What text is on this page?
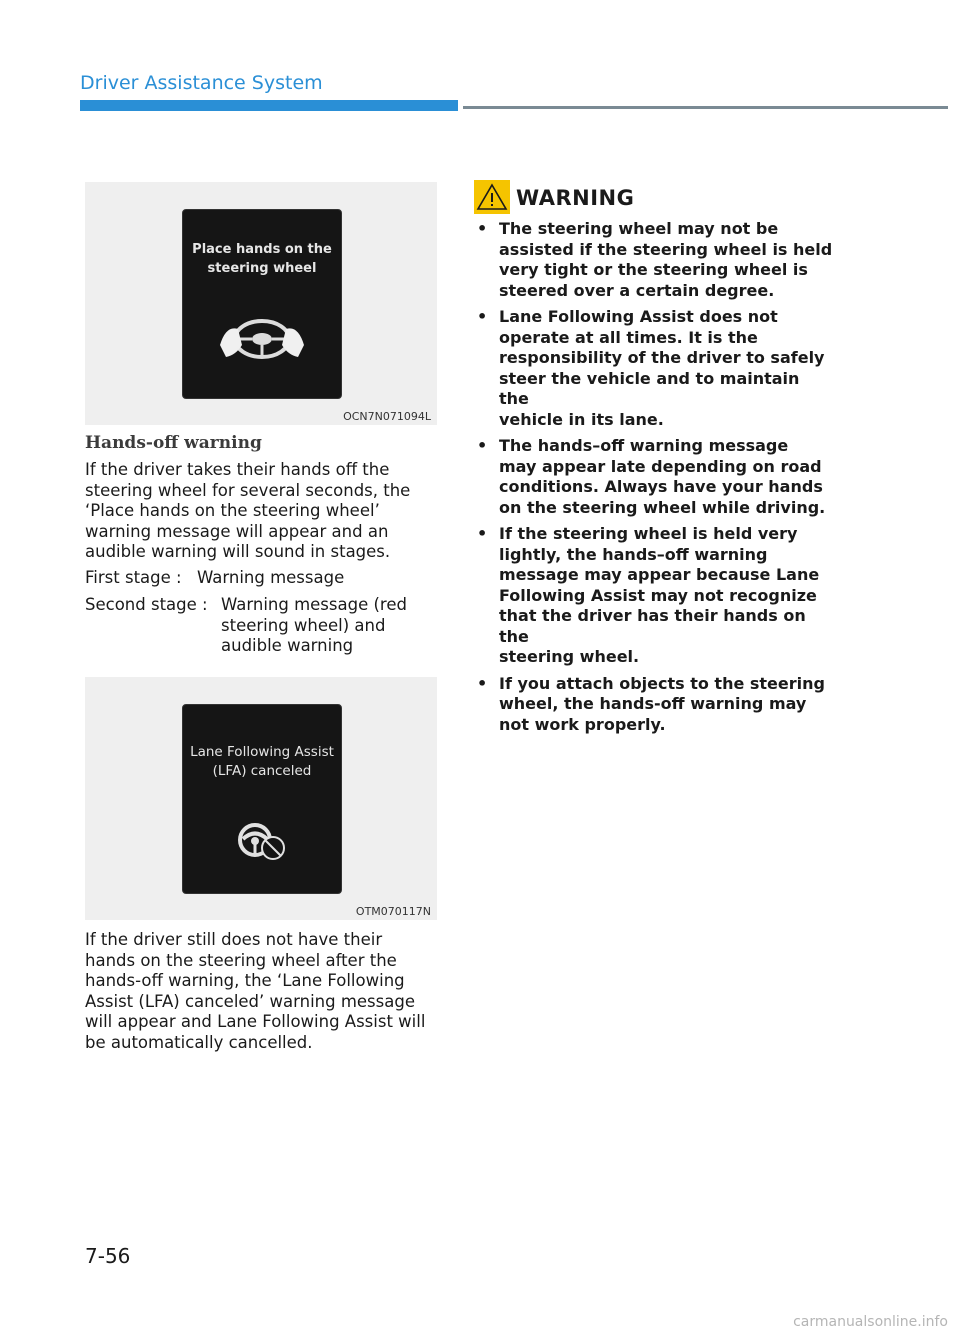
Driver Assistance System
Place hands on the
steering wheel
OCN7N071094L
Hands-off warning
If the driver takes their hands off the
steering wheel for several seconds, the
‘Place hands on the steering wheel’
warning message will appear and an
audible warning will sound in stages.
First stage : Warning message
Second stage : Warning message (red
steering wheel) and
audible warning
Lane Following Assist
(LFA) canceled
OTM070117N
If the driver still does not have their
hands on the steering wheel after the
hands-off warning, the ‘Lane Following
Assist (LFA) canceled’ warning message
will appear and Lane Following Assist will
be automatically cancelled.
WARNING
• The steering wheel may not be
assisted if the steering wheel is held
very tight or the steering wheel is
steered over a certain degree.
• Lane Following Assist does not
operate at all times. It is the
responsibility of the driver to safely
steer the vehicle and to maintain the
vehicle in its lane.
• The hands–off warning message
may appear late depending on road
conditions. Always have your hands
on the steering wheel while driving.
• If the steering wheel is held very
lightly, the hands–off warning
message may appear because Lane
Following Assist may not recognize
that the driver has their hands on the
steering wheel.
• If you attach objects to the steering
wheel, the hands-off warning may
not work properly.
7-56
carmanualsonline.info
